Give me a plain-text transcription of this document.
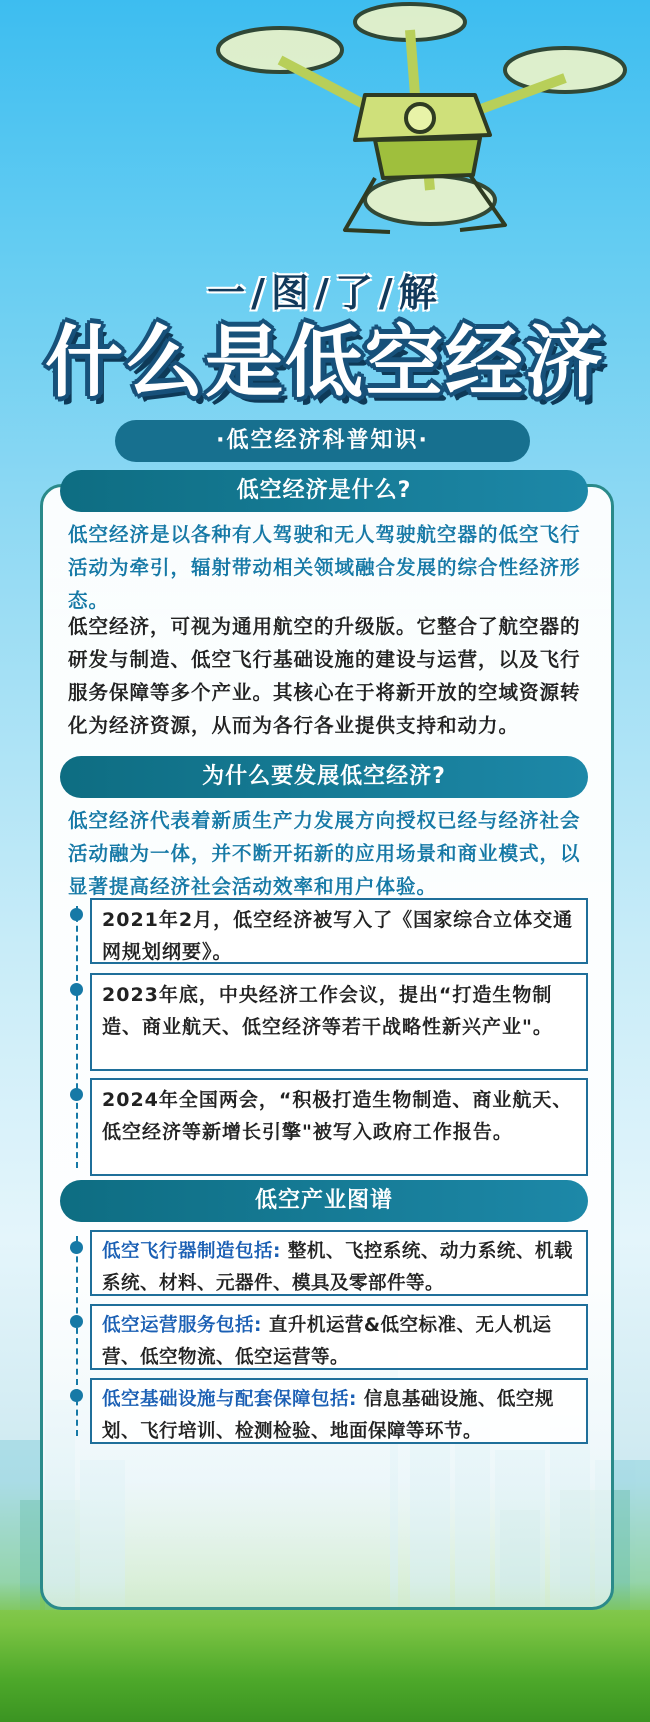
一/图/了/解
什么是低空经济
·低空经济科普知识·
低空经济是什么?

低空经济是以各种有人驾驶和无人驾驶航空器的低空飞行活动为牵引，辐射带动相关领域融合发展的综合性经济形态。

低空经济，可视为通用航空的升级版。它整合了航空器的研发与制造、低空飞行基础设施的建设与运营，以及飞行服务保障等多个产业。其核心在于将新开放的空域资源转化为经济资源，从而为各行各业提供支持和动力。

为什么要发展低空经济?

低空经济代表着新质生产力发展方向授权已经与经济社会活动融为一体，并不断开拓新的应用场景和商业模式，以显著提高经济社会活动效率和用户体验。

2021年2月，低空经济被写入了《国家综合立体交通网规划纲要》。
2023年底，中央经济工作会议，提出“打造生物制造、商业航天、低空经济等若干战略性新兴产业"。
2024年全国两会，“积极打造生物制造、商业航天、低空经济等新增长引擎"被写入政府工作报告。
低空产业图谱
低空飞行器制造包括: 整机、飞控系统、动力系统、机载系统、材料、元器件、模具及零部件等。
低空运营服务包括: 直升机运营&低空标准、无人机运营、低空物流、低空运营等。
低空基础设施与配套保障包括: 信息基础设施、低空规划、飞行培训、检测检验、地面保障等环节。
